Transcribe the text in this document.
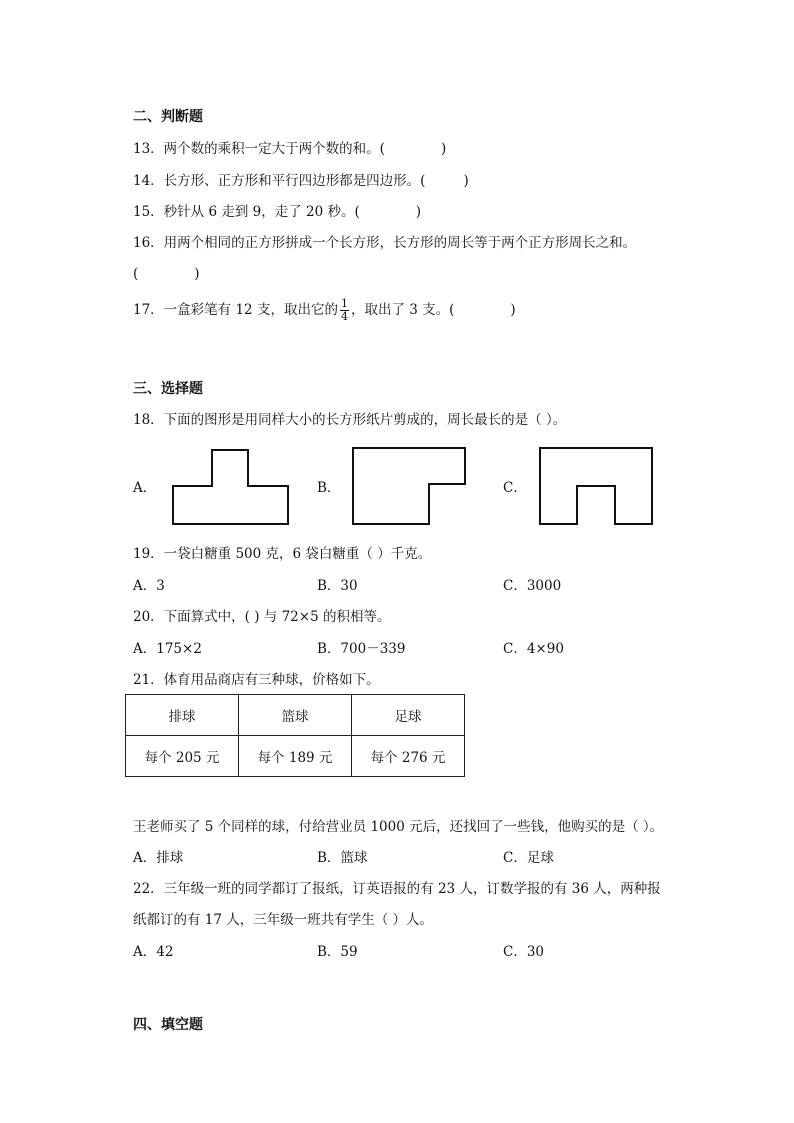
二、判断题
13．两个数的乘积一定大于两个数的和。(	)
14．长方形、正方形和平行四边形都是四边形。(	)
15．秒针从 6 走到 9，走了 20 秒。(	)
16．用两个相同的正方形拼成一个长方形，长方形的周长等于两个正方形周长之和。
(	)
17．一盒彩笔有 12 支，取出它的 $\frac{1}{4}$ ，取出了 3 支。(	)
三、选择题
18．下面的图形是用同样大小的长方形纸片剪成的，周长最长的是（ ）。
A．	B．	C．
19．一袋白糖重 500 克，6 袋白糖重（ ）千克。
A．3	B．30	C．3000
20．下面算式中，( ) 与 72×5 的积相等。
A．175×2	B．700－339	C．4×90
21．体育用品商店有三种球，价格如下。
排球	篮球	足球
每个 205 元	每个 189 元	每个 276 元
王老师买了 5 个同样的球，付给营业员 1000 元后，还找回了一些钱，他购买的是（ ）。
A．排球	B．篮球	C．足球
22．三年级一班的同学都订了报纸，订英语报的有 23 人，订数学报的有 36 人，两种报
纸都订的有 17 人，三年级一班共有学生（ ）人。
A．42	B．59	C．30
四、填空题
